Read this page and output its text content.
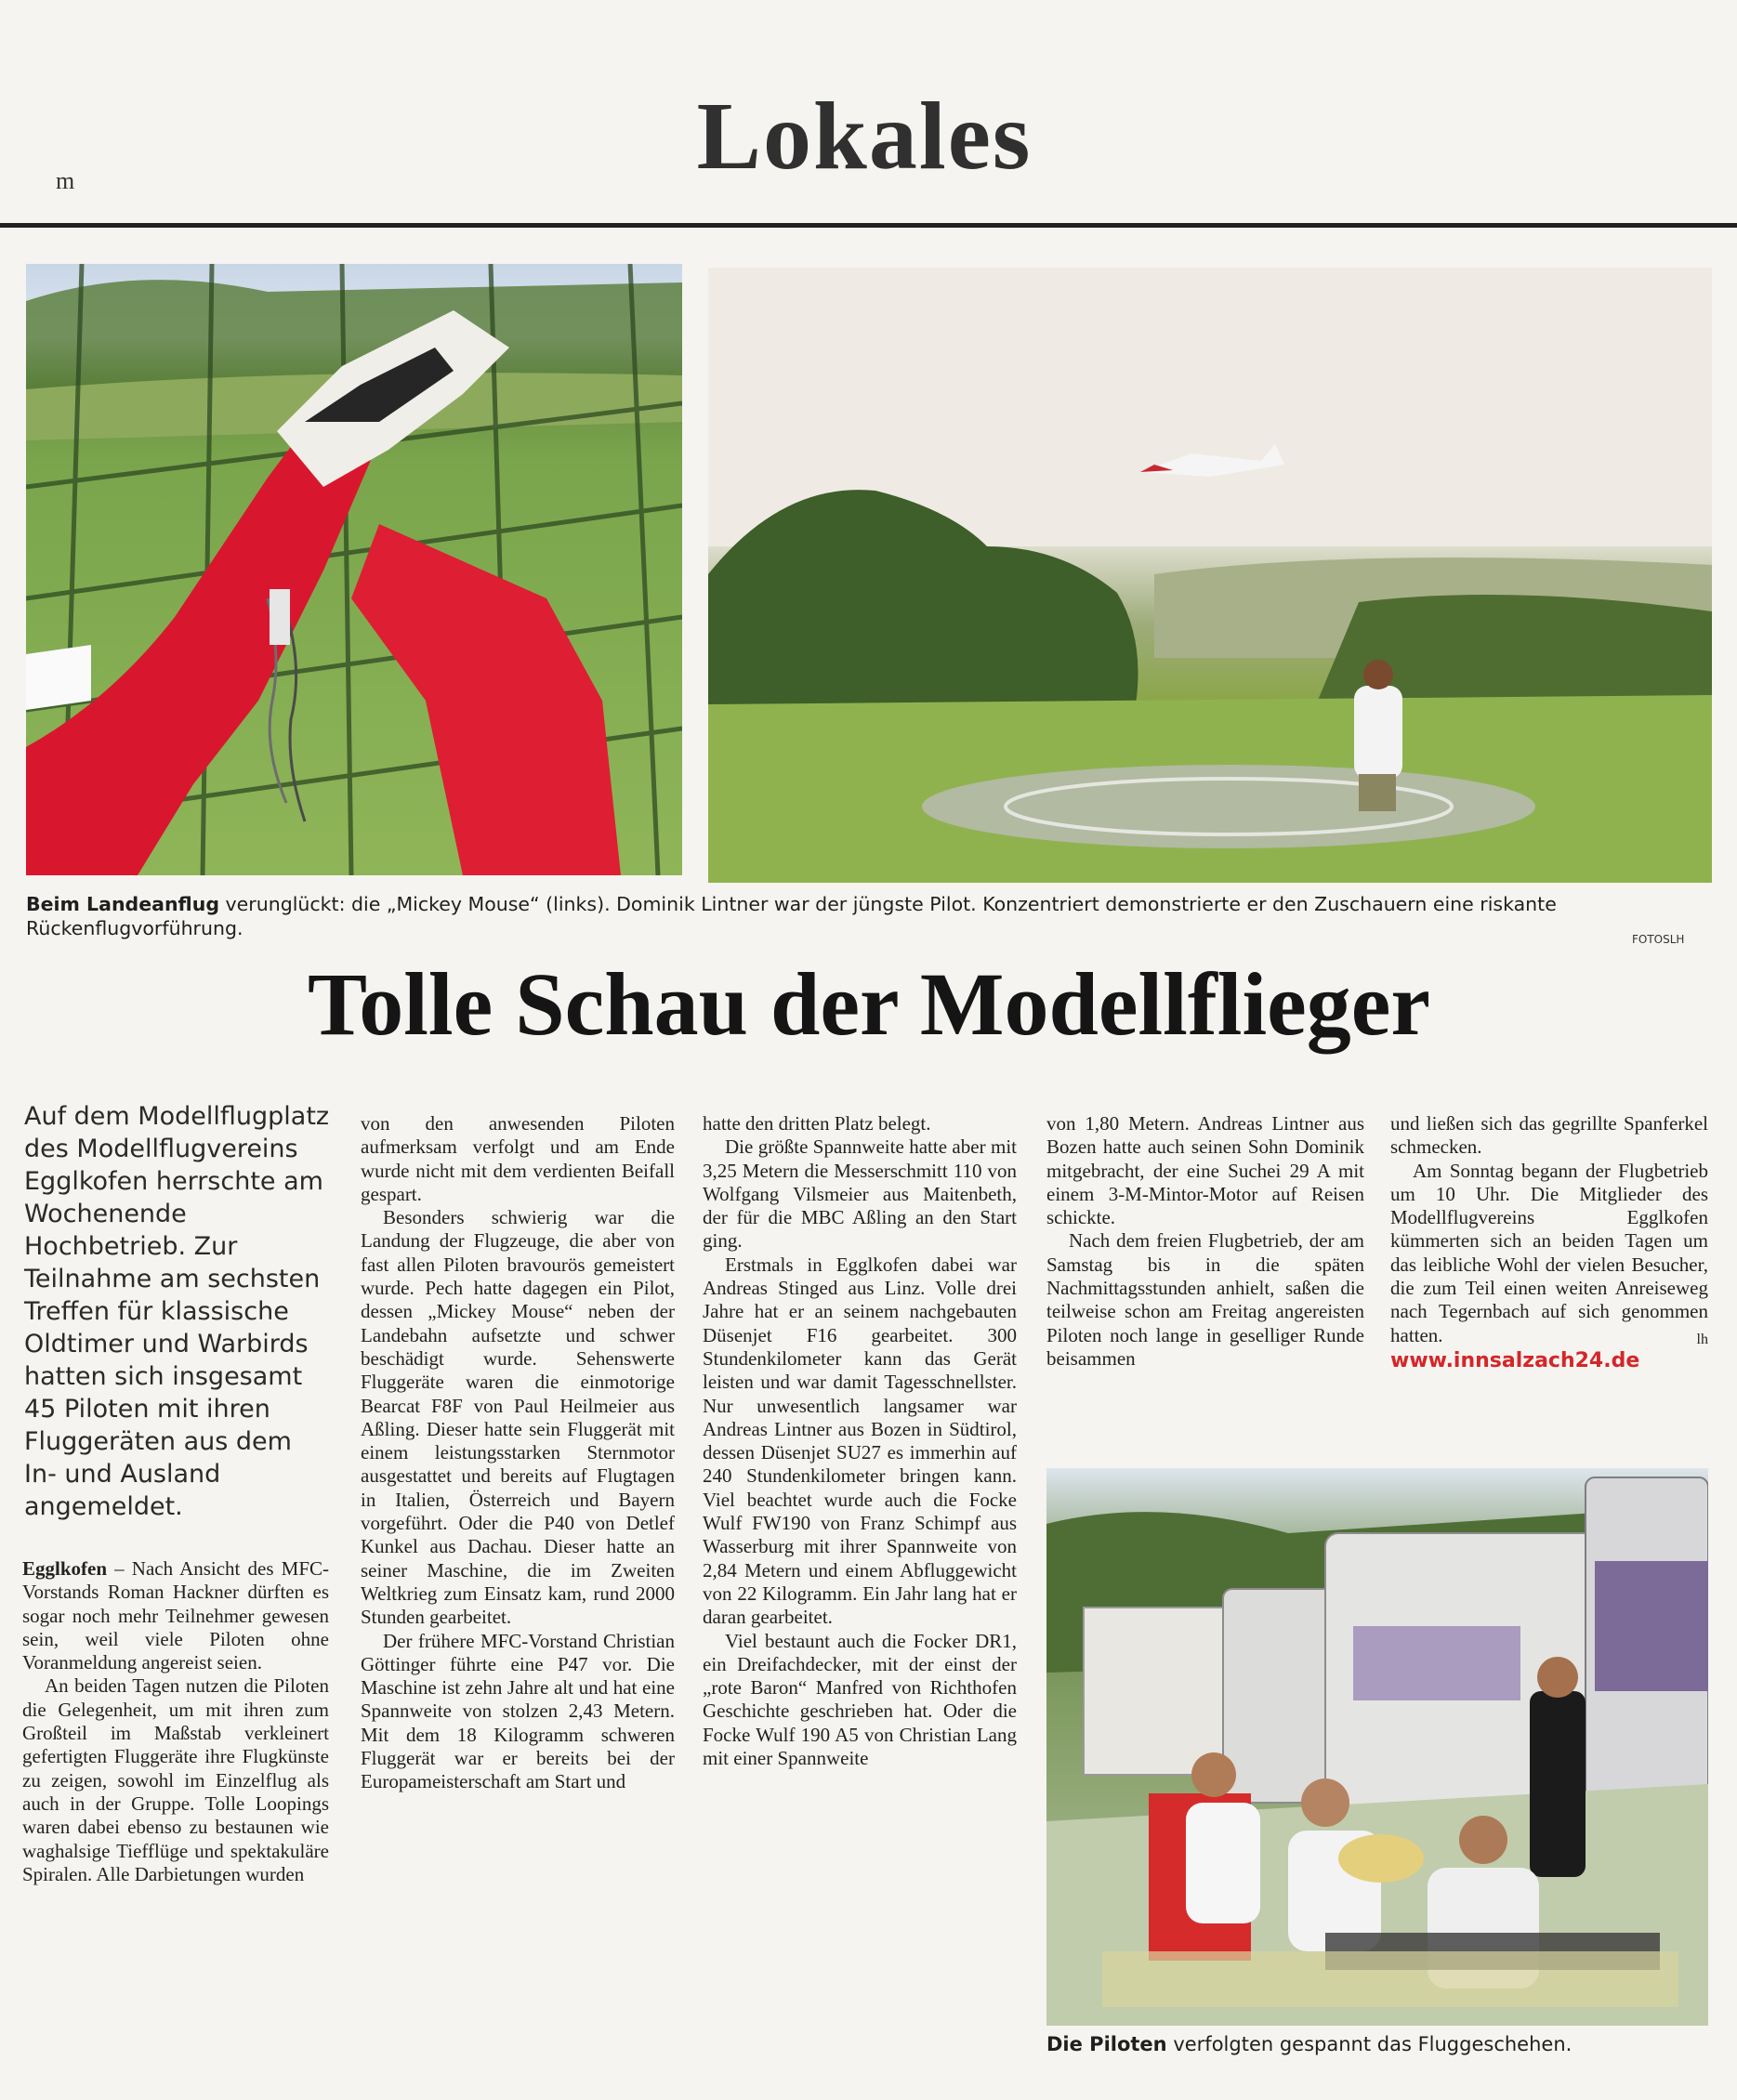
m	Lokales
Beim Landeanflug verunglückt: die „Mickey Mouse“ (links). Dominik Lintner war der jüngste Pilot. Konzentriert demonstrierte er den Zuschauern eine riskante Rückenflugvorführung.	FOTOSLH
Tolle Schau der Modellflieger
Auf dem Modellflugplatz des Modellflugvereins Egglkofen herrschte am Wochenende Hochbetrieb. Zur Teilnahme am sechsten Treffen für klassische Oldtimer und Warbirds hatten sich insgesamt 45 Piloten mit ihren Fluggeräten aus dem In- und Ausland angemeldet.

Egglkofen – Nach Ansicht des MFC-Vorstands Roman Hackner dürften es sogar noch mehr Teilnehmer gewesen sein, weil viele Piloten ohne Voranmeldung angereist seien.

An beiden Tagen nutzen die Piloten die Gelegenheit, um mit ihren zum Großteil im Maßstab verkleinert gefertigten Fluggeräte ihre Flugkünste zu zeigen, sowohl im Einzelflug als auch in der Gruppe. Tolle Loopings waren dabei ebenso zu bestaunen wie waghalsige Tiefflüge und spektakuläre Spiralen. Alle Darbietungen wurden

von den anwesenden Piloten aufmerksam verfolgt und am Ende wurde nicht mit dem verdienten Beifall gespart.

Besonders schwierig war die Landung der Flugzeuge, die aber von fast allen Piloten bravourös gemeistert wurde. Pech hatte dagegen ein Pilot, dessen „Mickey Mouse“ neben der Landebahn aufsetzte und schwer beschädigt wurde. Sehenswerte Fluggeräte waren die einmotorige Bearcat F8F von Paul Heilmeier aus Aßling. Dieser hatte sein Fluggerät mit einem leistungsstarken Sternmotor ausgestattet und bereits auf Flugtagen in Italien, Österreich und Bayern vorgeführt. Oder die P40 von Detlef Kunkel aus Dachau. Dieser hatte an seiner Maschine, die im Zweiten Weltkrieg zum Einsatz kam, rund 2000 Stunden gearbeitet.

Der frühere MFC-Vorstand Christian Göttinger führte eine P47 vor. Die Maschine ist zehn Jahre alt und hat eine Spannweite von stolzen 2,43 Metern. Mit dem 18 Kilogramm schweren Fluggerät war er bereits bei der Europameisterschaft am Start und

hatte den dritten Platz belegt.

Die größte Spannweite hatte aber mit 3,25 Metern die Messerschmitt 110 von Wolfgang Vilsmeier aus Maitenbeth, der für die MBC Aßling an den Start ging.

Erstmals in Egglkofen dabei war Andreas Stinged aus Linz. Volle drei Jahre hat er an seinem nachgebauten Düsenjet F16 gearbeitet. 300 Stundenkilometer kann das Gerät leisten und war damit Tagesschnellster. Nur unwesentlich langsamer war Andreas Lintner aus Bozen in Südtirol, dessen Düsenjet SU27 es immerhin auf 240 Stundenkilometer bringen kann. Viel beachtet wurde auch die Focke Wulf FW190 von Franz Schimpf aus Wasserburg mit ihrer Spannweite von 2,84 Metern und einem Abfluggewicht von 22 Kilogramm. Ein Jahr lang hat er daran gearbeitet.

Viel bestaunt auch die Focker DR1, ein Dreifachdecker, mit der einst der „rote Baron“ Manfred von Richthofen Geschichte geschrieben hat. Oder die Focke Wulf 190 A5 von Christian Lang mit einer Spannweite

von 1,80 Metern. Andreas Lintner aus Bozen hatte auch seinen Sohn Dominik mitgebracht, der eine Suchei 29 A mit einem 3-M-Mintor-Motor auf Reisen schickte.

Nach dem freien Flugbetrieb, der am Samstag bis in die späten Nachmittagsstunden anhielt, saßen die teilweise schon am Freitag angereisten Piloten noch lange in geselliger Runde beisammen

und ließen sich das gegrillte Spanferkel schmecken.

Am Sonntag begann der Flugbetrieb um 10 Uhr. Die Mitglieder des Modellflugvereins Egglkofen kümmerten sich an beiden Tagen um das leibliche Wohl der vielen Besucher, die zum Teil einen weiten Anreiseweg nach Tegernbach auf sich genommen hatten.	lh

www.innsalzach24.de
Die Piloten verfolgten gespannt das Fluggeschehen.
